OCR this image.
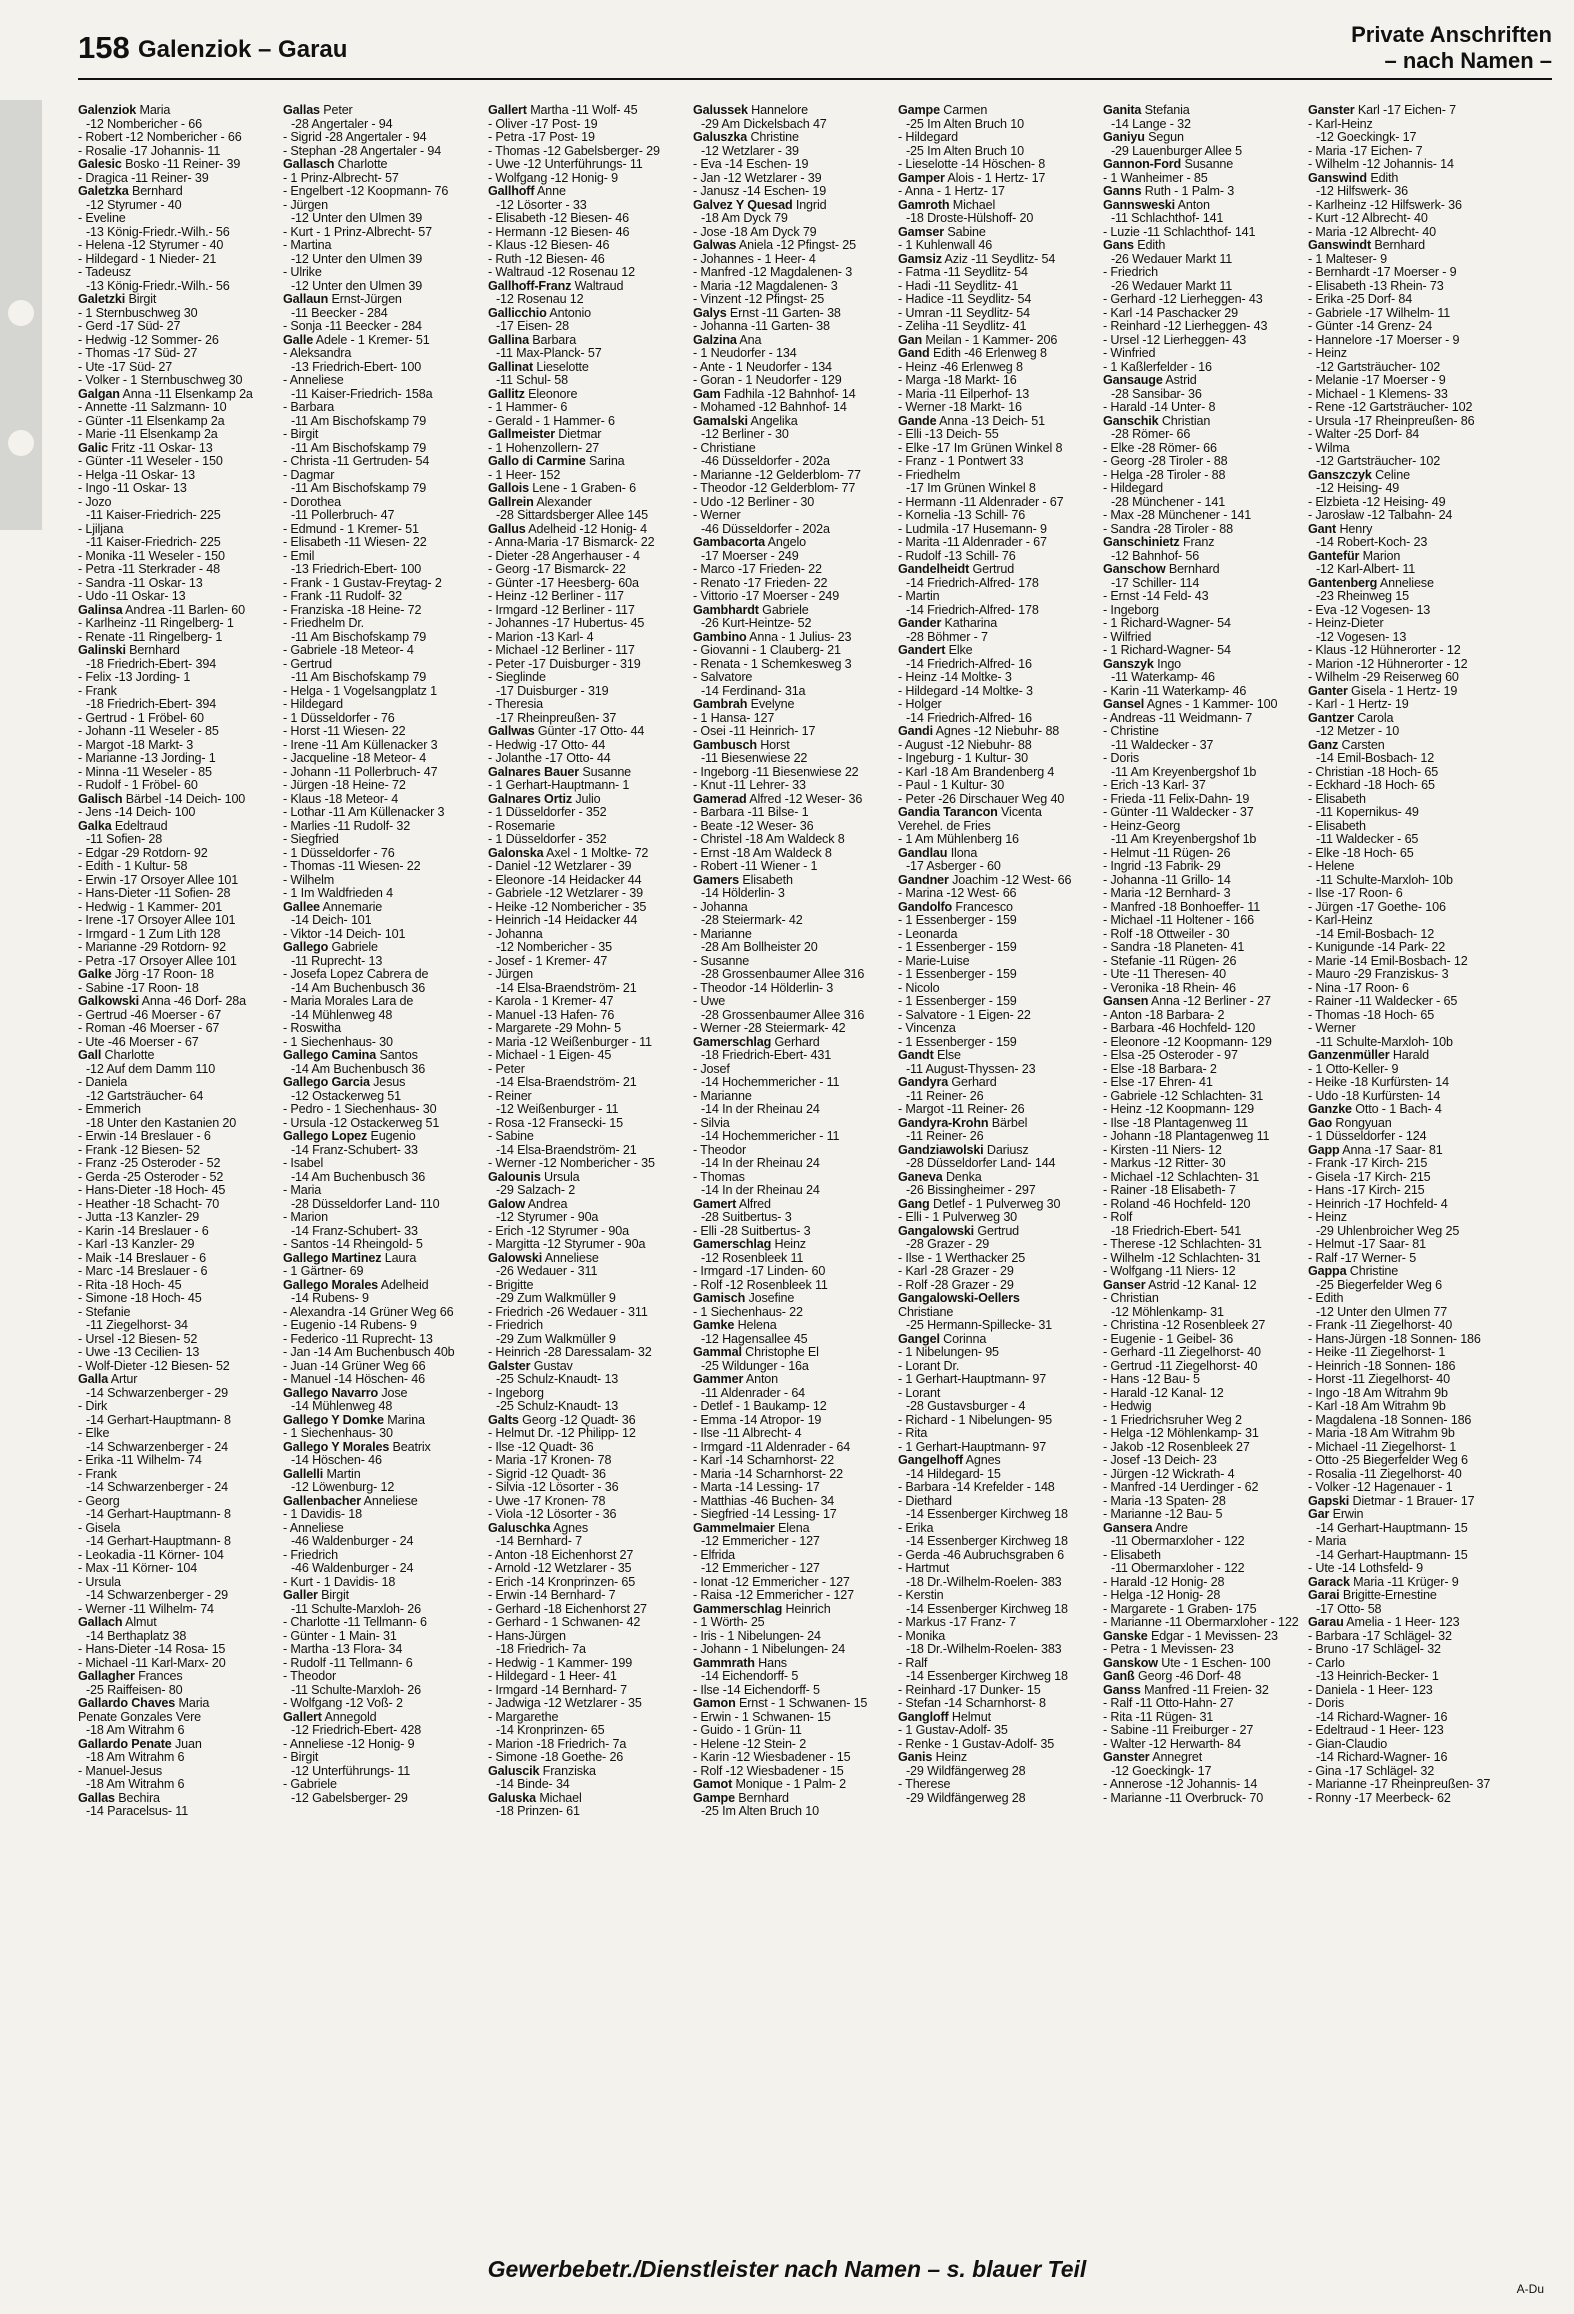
158 Galenziok – Garau
Private Anschriften
– nach Namen –
Galenziok Maria
-12 Nombericher - 66
- Robert -12 Nombericher - 66
- Rosalie -17 Johannis- 11
Galesic Bosko -11 Reiner- 39
- Dragica -11 Reiner- 39
Galetzka Bernhard
-12 Styrumer - 40
- Eveline
-13 König-Friedr.-Wilh.- 56
- Helena -12 Styrumer - 40
- Hildegard - 1 Nieder- 21
- Tadeusz
-13 König-Friedr.-Wilh.- 56
Galetzki Birgit
- 1 Sternbuschweg 30
- Gerd -17 Süd- 27
- Hedwig -12 Sommer- 26
- Thomas -17 Süd- 27
- Ute -17 Süd- 27
- Volker - 1 Sternbuschweg 30
Galgan Anna -11 Elsenkamp 2a
- Annette -11 Salzmann- 10
- Günter -11 Elsenkamp 2a
- Marie -11 Elsenkamp 2a
Galic Fritz -11 Oskar- 13
- Günter -11 Weseler - 150
- Helga -11 Oskar- 13
- Ingo -11 Oskar- 13
- Jozo
-11 Kaiser-Friedrich- 225
- Ljiljana
-11 Kaiser-Friedrich- 225
- Monika -11 Weseler - 150
- Petra -11 Sterkrader - 48
- Sandra -11 Oskar- 13
- Udo -11 Oskar- 13
Galinsa Andrea -11 Barlen- 60
- Karlheinz -11 Ringelberg- 1
- Renate -11 Ringelberg- 1
Galinski Bernhard
-18 Friedrich-Ebert- 394
- Felix -13 Jording- 1
- Frank
-18 Friedrich-Ebert- 394
- Gertrud - 1 Fröbel- 60
- Johann -11 Weseler - 85
- Margot -18 Markt- 3
- Marianne -13 Jording- 1
- Minna -11 Weseler - 85
- Rudolf - 1 Fröbel- 60
Galisch Bärbel -14 Deich- 100
- Jens -14 Deich- 100
Galka Edeltraud
-11 Sofien- 28
- Edgar -29 Rotdorn- 92
- Edith - 1 Kultur- 58
- Erwin -17 Orsoyer Allee 101
- Hans-Dieter -11 Sofien- 28
- Hedwig - 1 Kammer- 201
- Irene -17 Orsoyer Allee 101
- Irmgard - 1 Zum Lith 128
- Marianne -29 Rotdorn- 92
- Petra -17 Orsoyer Allee 101
Galke Jörg -17 Roon- 18
- Sabine -17 Roon- 18
Galkowski Anna -46 Dorf- 28a
- Gertrud -46 Moerser - 67
- Roman -46 Moerser - 67
- Ute -46 Moerser - 67
Gall Charlotte
-12 Auf dem Damm 110
- Daniela
-12 Gartsträucher- 64
- Emmerich
-18 Unter den Kastanien 20
- Erwin -14 Breslauer - 6
- Frank -12 Biesen- 52
- Franz -25 Osteroder - 52
- Gerda -25 Osteroder - 52
- Hans-Dieter -18 Hoch- 45
- Heather -18 Schacht- 70
- Jutta -13 Kanzler- 29
- Karin -14 Breslauer - 6
- Karl -13 Kanzler- 29
- Maik -14 Breslauer - 6
- Marc -14 Breslauer - 6
- Rita -18 Hoch- 45
- Simone -18 Hoch- 45
- Stefanie
-11 Ziegelhorst- 34
- Ursel -12 Biesen- 52
- Uwe -13 Cecilien- 13
- Wolf-Dieter -12 Biesen- 52
Galla Artur
-14 Schwarzenberger - 29
- Dirk
-14 Gerhart-Hauptmann- 8
- Elke
-14 Schwarzenberger - 24
- Erika -11 Wilhelm- 74
- Frank
-14 Schwarzenberger - 24
- Georg
-14 Gerhart-Hauptmann- 8
- Gisela
-14 Gerhart-Hauptmann- 8
- Leokadia -11 Körner- 104
- Max -11 Körner- 104
- Ursula
-14 Schwarzenberger - 29
- Werner -11 Wilhelm- 74
Gallach Almut
-14 Berthaplatz 38
- Hans-Dieter -14 Rosa- 15
- Michael -11 Karl-Marx- 20
Gallagher Frances
-25 Raiffeisen- 80
Gallardo Chaves Maria
Penate Gonzales Vere
-18 Am Witrahm 6
Gallardo Penate Juan
-18 Am Witrahm 6
- Manuel-Jesus
-18 Am Witrahm 6
Gallas Bechira
-14 Paracelsus- 11
Gallas Peter
-28 Angertaler - 94
- Sigrid -28 Angertaler - 94
- Stephan -28 Angertaler - 94
Gallasch Charlotte
- 1 Prinz-Albrecht- 57
- Engelbert -12 Koopmann- 76
- Jürgen
-12 Unter den Ulmen 39
- Kurt - 1 Prinz-Albrecht- 57
- Martina
-12 Unter den Ulmen 39
- Ulrike
-12 Unter den Ulmen 39
Gallaun Ernst-Jürgen
-11 Beecker - 284
- Sonja -11 Beecker - 284
Galle Adele - 1 Kremer- 51
- Aleksandra
-13 Friedrich-Ebert- 100
- Anneliese
-11 Kaiser-Friedrich- 158a
- Barbara
-11 Am Bischofskamp 79
- Birgit
-11 Am Bischofskamp 79
- Christa -11 Gertruden- 54
- Dagmar
-11 Am Bischofskamp 79
- Dorothea
-11 Pollerbruch- 47
- Edmund - 1 Kremer- 51
- Elisabeth -11 Wiesen- 22
- Emil
-13 Friedrich-Ebert- 100
- Frank - 1 Gustav-Freytag- 2
- Frank -11 Rudolf- 32
- Franziska -18 Heine- 72
- Friedhelm Dr.
-11 Am Bischofskamp 79
- Gabriele -18 Meteor- 4
- Gertrud
-11 Am Bischofskamp 79
- Helga - 1 Vogelsangplatz 1
- Hildegard
- 1 Düsseldorfer - 76
- Horst -11 Wiesen- 22
- Irene -11 Am Küllenacker 3
- Jacqueline -18 Meteor- 4
- Johann -11 Pollerbruch- 47
- Jürgen -18 Heine- 72
- Klaus -18 Meteor- 4
- Lothar -11 Am Küllenacker 3
- Marlies -11 Rudolf- 32
- Siegfried
- 1 Düsseldorfer - 76
- Thomas -11 Wiesen- 22
- Wilhelm
- 1 Im Waldfrieden 4
Gallee Annemarie
-14 Deich- 101
- Viktor -14 Deich- 101
Gallego Gabriele
-11 Ruprecht- 13
- Josefa Lopez Cabrera de
-14 Am Buchenbusch 36
- Maria Morales Lara de
-14 Mühlenweg 48
- Roswitha
- 1 Siechenhaus- 30
Gallego Camina Santos
-14 Am Buchenbusch 36
Gallego Garcia Jesus
-12 Ostackerweg 51
- Pedro - 1 Siechenhaus- 30
- Ursula -12 Ostackerweg 51
Gallego Lopez Eugenio
-14 Franz-Schubert- 33
- Isabel
-14 Am Buchenbusch 36
- Maria
-28 Düsseldorfer Land- 110
- Marion
-14 Franz-Schubert- 33
- Santos -14 Rheingold- 5
Gallego Martinez Laura
- 1 Gärtner- 69
Gallego Morales Adelheid
-14 Rubens- 9
- Alexandra -14 Grüner Weg 66
- Eugenio -14 Rubens- 9
- Federico -11 Ruprecht- 13
- Jan -14 Am Buchenbusch 40b
- Juan -14 Grüner Weg 66
- Manuel -14 Höschen- 46
Gallego Navarro Jose
-14 Mühlenweg 48
Gallego Y Domke Marina
- 1 Siechenhaus- 30
Gallego Y Morales Beatrix
-14 Höschen- 46
Gallelli Martin
-12 Löwenburg- 12
Gallenbacher Anneliese
- 1 Davidis- 18
- Anneliese
-46 Waldenburger - 24
- Friedrich
-46 Waldenburger - 24
- Kurt - 1 Davidis- 18
Galler Birgit
-11 Schulte-Marxloh- 26
- Charlotte -11 Tellmann- 6
- Günter - 1 Main- 31
- Martha -13 Flora- 34
- Rudolf -11 Tellmann- 6
- Theodor
-11 Schulte-Marxloh- 26
- Wolfgang -12 Voß- 2
Gallert Annegold
-12 Friedrich-Ebert- 428
- Anneliese -12 Honig- 9
- Birgit
-12 Unterführungs- 11
- Gabriele
-12 Gabelsberger- 29
Gallert Martha -11 Wolf- 45
- Oliver -17 Post- 19
- Petra -17 Post- 19
- Thomas -12 Gabelsberger- 29
- Uwe -12 Unterführungs- 11
- Wolfgang -12 Honig- 9
Gallhoff Anne
-12 Lösorter - 33
- Elisabeth -12 Biesen- 46
- Hermann -12 Biesen- 46
- Klaus -12 Biesen- 46
- Ruth -12 Biesen- 46
- Waltraud -12 Rosenau 12
Gallhoff-Franz Waltraud
-12 Rosenau 12
Gallicchio Antonio
-17 Eisen- 28
Gallina Barbara
-11 Max-Planck- 57
Gallinat Lieselotte
-11 Schul- 58
Gallitz Eleonore
- 1 Hammer- 6
- Gerald - 1 Hammer- 6
Gallmeister Dietmar
- 1 Hohenzollern- 27
Gallo di Carmine Sarina
- 1 Heer- 152
Gallois Lene - 1 Graben- 6
Gallrein Alexander
-28 Sittardsberger Allee 145
Gallus Adelheid -12 Honig- 4
- Anna-Maria -17 Bismarck- 22
- Dieter -28 Angerhauser - 4
- Georg -17 Bismarck- 22
- Günter -17 Heesberg- 60a
- Heinz -12 Berliner - 117
- Irmgard -12 Berliner - 117
- Johannes -17 Hubertus- 45
- Marion -13 Karl- 4
- Michael -12 Berliner - 117
- Peter -17 Duisburger - 319
- Sieglinde
-17 Duisburger - 319
- Theresia
-17 Rheinpreußen- 37
Gallwas Günter -17 Otto- 44
- Hedwig -17 Otto- 44
- Jolanthe -17 Otto- 44
Galnares Bauer Susanne
- 1 Gerhart-Hauptmann- 1
Galnares Ortiz Julio
- 1 Düsseldorfer - 352
- Rosemarie
- 1 Düsseldorfer - 352
Galonska Axel - 1 Moltke- 72
- Daniel -12 Wetzlarer - 39
- Eleonore -14 Heidacker 44
- Gabriele -12 Wetzlarer - 39
- Heike -12 Nombericher - 35
- Heinrich -14 Heidacker 44
- Johanna
-12 Nombericher - 35
- Josef - 1 Kremer- 47
- Jürgen
-14 Elsa-Braendström- 21
- Karola - 1 Kremer- 47
- Manuel -13 Hafen- 76
- Margarete -29 Mohn- 5
- Maria -12 Weißenburger - 11
- Michael - 1 Eigen- 45
- Peter
-14 Elsa-Braendström- 21
- Reiner
-12 Weißenburger - 11
- Rosa -12 Fransecki- 15
- Sabine
-14 Elsa-Braendström- 21
- Werner -12 Nombericher - 35
Galounis Ursula
-29 Salzach- 2
Galow Andrea
-12 Styrumer - 90a
- Erich -12 Styrumer - 90a
- Margitta -12 Styrumer - 90a
Galowski Anneliese
-26 Wedauer - 311
- Brigitte
-29 Zum Walkmüller 9
- Friedrich -26 Wedauer - 311
- Friedrich
-29 Zum Walkmüller 9
- Heinrich -28 Daressalam- 32
Galster Gustav
-25 Schulz-Knaudt- 13
- Ingeborg
-25 Schulz-Knaudt- 13
Galts Georg -12 Quadt- 36
- Helmut Dr. -12 Philipp- 12
- Ilse -12 Quadt- 36
- Maria -17 Kronen- 78
- Sigrid -12 Quadt- 36
- Silvia -12 Lösorter - 36
- Uwe -17 Kronen- 78
- Viola -12 Lösorter - 36
Galuschka Agnes
-14 Bernhard- 7
- Anton -18 Eichenhorst 27
- Arnold -12 Wetzlarer - 35
- Erich -14 Kronprinzen- 65
- Erwin -14 Bernhard- 7
- Gerhard -18 Eichenhorst 27
- Gerhard - 1 Schwanen- 42
- Hans-Jürgen
-18 Friedrich- 7a
- Hedwig - 1 Kammer- 199
- Hildegard - 1 Heer- 41
- Irmgard -14 Bernhard- 7
- Jadwiga -12 Wetzlarer - 35
- Margarethe
-14 Kronprinzen- 65
- Marion -18 Friedrich- 7a
- Simone -18 Goethe- 26
Galuscik Franziska
-14 Binde- 34
Galuska Michael
-18 Prinzen- 61
Galussek Hannelore
-29 Am Dickelsbach 47
Galuszka Christine
-12 Wetzlarer - 39
- Eva -14 Eschen- 19
- Jan -12 Wetzlarer - 39
- Janusz -14 Eschen- 19
Galvez Y Quesad Ingrid
-18 Am Dyck 79
- Jose -18 Am Dyck 79
Galwas Aniela -12 Pfingst- 25
- Johannes - 1 Heer- 4
- Manfred -12 Magdalenen- 3
- Maria -12 Magdalenen- 3
- Vinzent -12 Pfingst- 25
Galys Ernst -11 Garten- 38
- Johanna -11 Garten- 38
Galzina Ana
- 1 Neudorfer - 134
- Ante - 1 Neudorfer - 134
- Goran - 1 Neudorfer - 129
Gam Fadhila -12 Bahnhof- 14
- Mohamed -12 Bahnhof- 14
Gamalski Angelika
-12 Berliner - 30
- Christiane
-46 Düsseldorfer - 202a
- Marianne -12 Gelderblom- 77
- Theodor -12 Gelderblom- 77
- Udo -12 Berliner - 30
- Werner
-46 Düsseldorfer - 202a
Gambacorta Angelo
-17 Moerser - 249
- Marco -17 Frieden- 22
- Renato -17 Frieden- 22
- Vittorio -17 Moerser - 249
Gambhardt Gabriele
-26 Kurt-Heintze- 52
Gambino Anna - 1 Julius- 23
- Giovanni - 1 Clauberg- 21
- Renata - 1 Schemkesweg 3
- Salvatore
-14 Ferdinand- 31a
Gambrah Evelyne
- 1 Hansa- 127
- Osei -11 Heinrich- 17
Gambusch Horst
-11 Biesenwiese 22
- Ingeborg -11 Biesenwiese 22
- Knut -11 Lehrer- 33
Gamerad Alfred -12 Weser- 36
- Barbara -11 Bilse- 1
- Beate -12 Weser- 36
- Christel -18 Am Waldeck 8
- Ernst -18 Am Waldeck 8
- Robert -11 Wiener - 1
Gamers Elisabeth
-14 Hölderlin- 3
- Johanna
-28 Steiermark- 42
- Marianne
-28 Am Bollheister 20
- Susanne
-28 Grossenbaumer Allee 316
- Theodor -14 Hölderlin- 3
- Uwe
-28 Grossenbaumer Allee 316
- Werner -28 Steiermark- 42
Gamerschlag Gerhard
-18 Friedrich-Ebert- 431
- Josef
-14 Hochemmericher - 11
- Marianne
-14 In der Rheinau 24
- Silvia
-14 Hochemmericher - 11
- Theodor
-14 In der Rheinau 24
- Thomas
-14 In der Rheinau 24
Gamert Alfred
-28 Suitbertus- 3
- Elli -28 Suitbertus- 3
Gamerschlag Heinz
-12 Rosenbleek 11
- Irmgard -17 Linden- 60
- Rolf -12 Rosenbleek 11
Gamisch Josefine
- 1 Siechenhaus- 22
Gamke Helena
-12 Hagensallee 45
Gammal Christophe El
-25 Wildunger - 16a
Gammer Anton
-11 Aldenrader - 64
- Detlef - 1 Baukamp- 12
- Emma -14 Atropor- 19
- Ilse -11 Albrecht- 4
- Irmgard -11 Aldenrader - 64
- Karl -14 Scharnhorst- 22
- Maria -14 Scharnhorst- 22
- Marta -14 Lessing- 17
- Matthias -46 Buchen- 34
- Siegfried -14 Lessing- 17
Gammelmaier Elena
-12 Emmericher - 127
- Elfrida
-12 Emmericher - 127
- Ionat -12 Emmericher - 127
- Raisa -12 Emmericher - 127
Gammerschlag Heinrich
- 1 Wörth- 25
- Iris - 1 Nibelungen- 24
- Johann - 1 Nibelungen- 24
Gammrath Hans
-14 Eichendorff- 5
- Ilse -14 Eichendorff- 5
Gamon Ernst - 1 Schwanen- 15
- Erwin - 1 Schwanen- 15
- Guido - 1 Grün- 11
- Helene -12 Stein- 2
- Karin -12 Wiesbadener - 15
- Rolf -12 Wiesbadener - 15
Gamot Monique - 1 Palm- 2
Gampe Bernhard
-25 Im Alten Bruch 10
Gampe Carmen
-25 Im Alten Bruch 10
- Hildegard
-25 Im Alten Bruch 10
- Lieselotte -14 Höschen- 8
Gamper Alois - 1 Hertz- 17
- Anna - 1 Hertz- 17
Gamroth Michael
-18 Droste-Hülshoff- 20
Gamser Sabine
- 1 Kuhlenwall 46
Gamsiz Aziz -11 Seydlitz- 54
- Fatma -11 Seydlitz- 54
- Hadi -11 Seydlitz- 41
- Hadice -11 Seydlitz- 54
- Ümran -11 Seydlitz- 54
- Zeliha -11 Seydlitz- 41
Gan Meilan - 1 Kammer- 206
Gand Edith -46 Erlenweg 8
- Heinz -46 Erlenweg 8
- Marga -18 Markt- 16
- Maria -11 Eilperhof- 13
- Werner -18 Markt- 16
Gande Anna -13 Deich- 51
- Elli -13 Deich- 55
- Elke -17 Im Grünen Winkel 8
- Franz - 1 Pontwert 33
- Friedhelm
-17 Im Grünen Winkel 8
- Hermann -11 Aldenrader - 67
- Kornelia -13 Schill- 76
- Ludmila -17 Husemann- 9
- Marita -11 Aldenrader - 67
- Rudolf -13 Schill- 76
Gandelheidt Gertrud
-14 Friedrich-Alfred- 178
- Martin
-14 Friedrich-Alfred- 178
Gander Katharina
-28 Böhmer - 7
Gandert Elke
-14 Friedrich-Alfred- 16
- Heinz -14 Moltke- 3
- Hildegard -14 Moltke- 3
- Holger
-14 Friedrich-Alfred- 16
Gandi Agnes -12 Niebuhr- 88
- August -12 Niebuhr- 88
- Ingeburg - 1 Kultur- 30
- Karl -18 Am Brandenberg 4
- Paul - 1 Kultur- 30
- Peter -26 Dirschauer Weg 40
Gandia Tarancon Vicenta
Verehel. de Fries
- 1 Am Mühlenberg 16
Gandlau Ilona
-17 Asberger - 60
Gandner Joachim -12 West- 66
- Marina -12 West- 66
Gandolfo Francesco
- 1 Essenberger - 159
- Leonarda
- 1 Essenberger - 159
- Marie-Luise
- 1 Essenberger - 159
- Nicolo
- 1 Essenberger - 159
- Salvatore - 1 Eigen- 22
- Vincenza
- 1 Essenberger - 159
Gandt Else
-11 August-Thyssen- 23
Gandyra Gerhard
-11 Reiner- 26
- Margot -11 Reiner- 26
Gandyra-Krohn Bärbel
-11 Reiner- 26
Gandziawolski Dariusz
-28 Düsseldorfer Land- 144
Ganeva Denka
-26 Bissingheimer - 297
Gang Detlef - 1 Pulverweg 30
- Elli - 1 Pulverweg 30
Gangalowski Gertrud
-28 Grazer - 29
- Ilse - 1 Werthacker 25
- Karl -28 Grazer - 29
- Rolf -28 Grazer - 29
Gangalowski-Oellers
Christiane
-25 Hermann-Spillecke- 31
Gangel Corinna
- 1 Nibelungen- 95
- Lorant Dr.
- 1 Gerhart-Hauptmann- 97
- Lorant
-28 Gustavsburger - 4
- Richard - 1 Nibelungen- 95
- Rita
- 1 Gerhart-Hauptmann- 97
Gangelhoff Agnes
-14 Hildegard- 15
- Barbara -14 Krefelder - 148
- Diethard
-14 Essenberger Kirchweg 18
- Erika
-14 Essenberger Kirchweg 18
- Gerda -46 Aubruchsgraben 6
- Hartmut
-18 Dr.-Wilhelm-Roelen- 383
- Kerstin
-14 Essenberger Kirchweg 18
- Markus -17 Franz- 7
- Monika
-18 Dr.-Wilhelm-Roelen- 383
- Ralf
-14 Essenberger Kirchweg 18
- Reinhard -17 Dunker- 15
- Stefan -14 Scharnhorst- 8
Gangloff Helmut
- 1 Gustav-Adolf- 35
- Renke - 1 Gustav-Adolf- 35
Ganis Heinz
-29 Wildfängerweg 28
- Therese
-29 Wildfängerweg 28
Ganita Stefania
-14 Lange - 32
Ganiyu Segun
-29 Lauenburger Allee 5
Gannon-Ford Susanne
- 1 Wanheimer - 85
Ganns Ruth - 1 Palm- 3
Gannsweski Anton
-11 Schlachthof- 141
- Luzie -11 Schlachthof- 141
Gans Edith
-26 Wedauer Markt 11
- Friedrich
-26 Wedauer Markt 11
- Gerhard -12 Lierheggen- 43
- Karl -14 Paschacker 29
- Reinhard -12 Lierheggen- 43
- Ursel -12 Lierheggen- 43
- Winfried
- 1 Kaßlerfelder - 16
Gansauge Astrid
-28 Sansibar- 36
- Harald -14 Unter- 8
Ganschik Christian
-28 Römer- 66
- Elke -28 Römer- 66
- Georg -28 Tiroler - 88
- Helga -28 Tiroler - 88
- Hildegard
-28 Münchener - 141
- Max -28 Münchener - 141
- Sandra -28 Tiroler - 88
Ganschinietz Franz
-12 Bahnhof- 56
Ganschow Bernhard
-17 Schiller- 114
- Ernst -14 Feld- 43
- Ingeborg
- 1 Richard-Wagner- 54
- Wilfried
- 1 Richard-Wagner- 54
Ganszyk Ingo
-11 Waterkamp- 46
- Karin -11 Waterkamp- 46
Gansel Agnes - 1 Kammer- 100
- Andreas -11 Weidmann- 7
- Christine
-11 Waldecker - 37
- Doris
-11 Am Kreyenbergshof 1b
- Erich -13 Karl- 37
- Frieda -11 Felix-Dahn- 19
- Günter -11 Waldecker - 37
- Heinz-Georg
-11 Am Kreyenbergshof 1b
- Helmut -11 Rügen- 26
- Ingrid -13 Fabrik- 29
- Johanna -11 Grillo- 14
- Maria -12 Bernhard- 3
- Manfred -18 Bonhoeffer- 11
- Michael -11 Holtener - 166
- Rolf -18 Ottweiler - 30
- Sandra -18 Planeten- 41
- Stefanie -11 Rügen- 26
- Ute -11 Theresen- 40
- Veronika -18 Rhein- 46
Gansen Anna -12 Berliner - 27
- Anton -18 Barbara- 2
- Barbara -46 Hochfeld- 120
- Eleonore -12 Koopmann- 129
- Elsa -25 Osteroder - 97
- Else -18 Barbara- 2
- Else -17 Ehren- 41
- Gabriele -12 Schlachten- 31
- Heinz -12 Koopmann- 129
- Ilse -18 Plantagenweg 11
- Johann -18 Plantagenweg 11
- Kirsten -11 Niers- 12
- Markus -12 Ritter- 30
- Michael -12 Schlachten- 31
- Rainer -18 Elisabeth- 7
- Roland -46 Hochfeld- 120
- Rolf
-18 Friedrich-Ebert- 541
- Therese -12 Schlachten- 31
- Wilhelm -12 Schlachten- 31
- Wolfgang -11 Niers- 12
Ganser Astrid -12 Kanal- 12
- Christian
-12 Möhlenkamp- 31
- Christina -12 Rosenbleek 27
- Eugenie - 1 Geibel- 36
- Gerhard -11 Ziegelhorst- 40
- Gertrud -11 Ziegelhorst- 40
- Hans -12 Bau- 5
- Harald -12 Kanal- 12
- Hedwig
- 1 Friedrichsruher Weg 2
- Helga -12 Möhlenkamp- 31
- Jakob -12 Rosenbleek 27
- Josef -13 Deich- 23
- Jürgen -12 Wickrath- 4
- Manfred -14 Uerdinger - 62
- Maria -13 Spaten- 28
- Marianne -12 Bau- 5
Gansera Andre
-11 Obermarxloher - 122
- Elisabeth
-11 Obermarxloher - 122
- Harald -12 Honig- 28
- Helga -12 Honig- 28
- Margarete - 1 Graben- 175
- Marianne -11 Obermarxloher - 122
Ganske Edgar - 1 Mevissen- 23
- Petra - 1 Mevissen- 23
Ganskow Ute - 1 Eschen- 100
Ganß Georg -46 Dorf- 48
Ganss Manfred -11 Freien- 32
- Ralf -11 Otto-Hahn- 27
- Rita -11 Rügen- 31
- Sabine -11 Freiburger - 27
- Walter -12 Herwarth- 84
Ganster Annegret
-12 Goeckingk- 17
- Annerose -12 Johannis- 14
- Marianne -11 Overbruck- 70
Ganster Karl -17 Eichen- 7
- Karl-Heinz
-12 Goeckingk- 17
- Maria -17 Eichen- 7
- Wilhelm -12 Johannis- 14
Ganswind Edith
-12 Hilfswerk- 36
- Karlheinz -12 Hilfswerk- 36
- Kurt -12 Albrecht- 40
- Maria -12 Albrecht- 40
Ganswindt Bernhard
- 1 Malteser- 9
- Bernhardt -17 Moerser - 9
- Elisabeth -13 Rhein- 73
- Erika -25 Dorf- 84
- Gabriele -17 Wilhelm- 11
- Günter -14 Grenz- 24
- Hannelore -17 Moerser - 9
- Heinz
-12 Gartsträucher- 102
- Melanie -17 Moerser - 9
- Michael - 1 Klemens- 33
- Rene -12 Gartsträucher- 102
- Ursula -17 Rheinpreußen- 86
- Walter -25 Dorf- 84
- Wilma
-12 Gartsträucher- 102
Ganszczyk Celine
-12 Heising- 49
- Elzbieta -12 Heising- 49
- Jarosław -12 Talbahn- 24
Gant Henry
-14 Robert-Koch- 23
Gantefür Marion
-12 Karl-Albert- 11
Gantenberg Anneliese
-23 Rheinweg 15
- Eva -12 Vogesen- 13
- Heinz-Dieter
-12 Vogesen- 13
- Klaus -12 Hühnerorter - 12
- Marion -12 Hühnerorter - 12
- Wilhelm -29 Reiserweg 60
Ganter Gisela - 1 Hertz- 19
- Karl - 1 Hertz- 19
Gantzer Carola
-12 Metzer - 10
Ganz Carsten
-14 Emil-Bosbach- 12
- Christian -18 Hoch- 65
- Eckhard -18 Hoch- 65
- Elisabeth
-11 Kopernikus- 49
- Elisabeth
-11 Waldecker - 65
- Elke -18 Hoch- 65
- Helene
-11 Schulte-Marxloh- 10b
- Ilse -17 Roon- 6
- Jürgen -17 Goethe- 106
- Karl-Heinz
-14 Emil-Bosbach- 12
- Kunigunde -14 Park- 22
- Marie -14 Emil-Bosbach- 12
- Mauro -29 Franziskus- 3
- Nina -17 Roon- 6
- Rainer -11 Waldecker - 65
- Thomas -18 Hoch- 65
- Werner
-11 Schulte-Marxloh- 10b
Ganzenmüller Harald
- 1 Otto-Keller- 9
- Heike -18 Kurfürsten- 14
- Udo -18 Kurfürsten- 14
Ganzke Otto - 1 Bach- 4
Gao Rongyuan
- 1 Düsseldorfer - 124
Gapp Anna -17 Saar- 81
- Frank -17 Kirch- 215
- Gisela -17 Kirch- 215
- Hans -17 Kirch- 215
- Heinrich -17 Hochfeld- 4
- Heinz
-29 Uhlenbroicher Weg 25
- Helmut -17 Saar- 81
- Ralf -17 Werner- 5
Gappa Christine
-25 Biegerfelder Weg 6
- Edith
-12 Unter den Ulmen 77
- Frank -11 Ziegelhorst- 40
- Hans-Jürgen -18 Sonnen- 186
- Heike -11 Ziegelhorst- 1
- Heinrich -18 Sonnen- 186
- Horst -11 Ziegelhorst- 40
- Ingo -18 Am Witrahm 9b
- Karl -18 Am Witrahm 9b
- Magdalena -18 Sonnen- 186
- Maria -18 Am Witrahm 9b
- Michael -11 Ziegelhorst- 1
- Otto -25 Biegerfelder Weg 6
- Rosalia -11 Ziegelhorst- 40
- Volker -12 Hagenauer - 1
Gapski Dietmar - 1 Brauer- 17
Gar Erwin
-14 Gerhart-Hauptmann- 15
- Maria
-14 Gerhart-Hauptmann- 15
- Ute -14 Lothsfeld- 9
Garack Maria -11 Krüger- 9
Garai Brigitte-Ernestine
-17 Otto- 58
Garau Amelia - 1 Heer- 123
- Barbara -17 Schlägel- 32
- Bruno -17 Schlägel- 32
- Carlo
-13 Heinrich-Becker- 1
- Daniela - 1 Heer- 123
- Doris
-14 Richard-Wagner- 16
- Edeltraud - 1 Heer- 123
- Gian-Claudio
-14 Richard-Wagner- 16
- Gina -17 Schlägel- 32
- Marianne -17 Rheinpreußen- 37
- Ronny -17 Meerbeck- 62
Gewerbebetr./Dienstleister nach Namen – s. blauer Teil
A-Du
